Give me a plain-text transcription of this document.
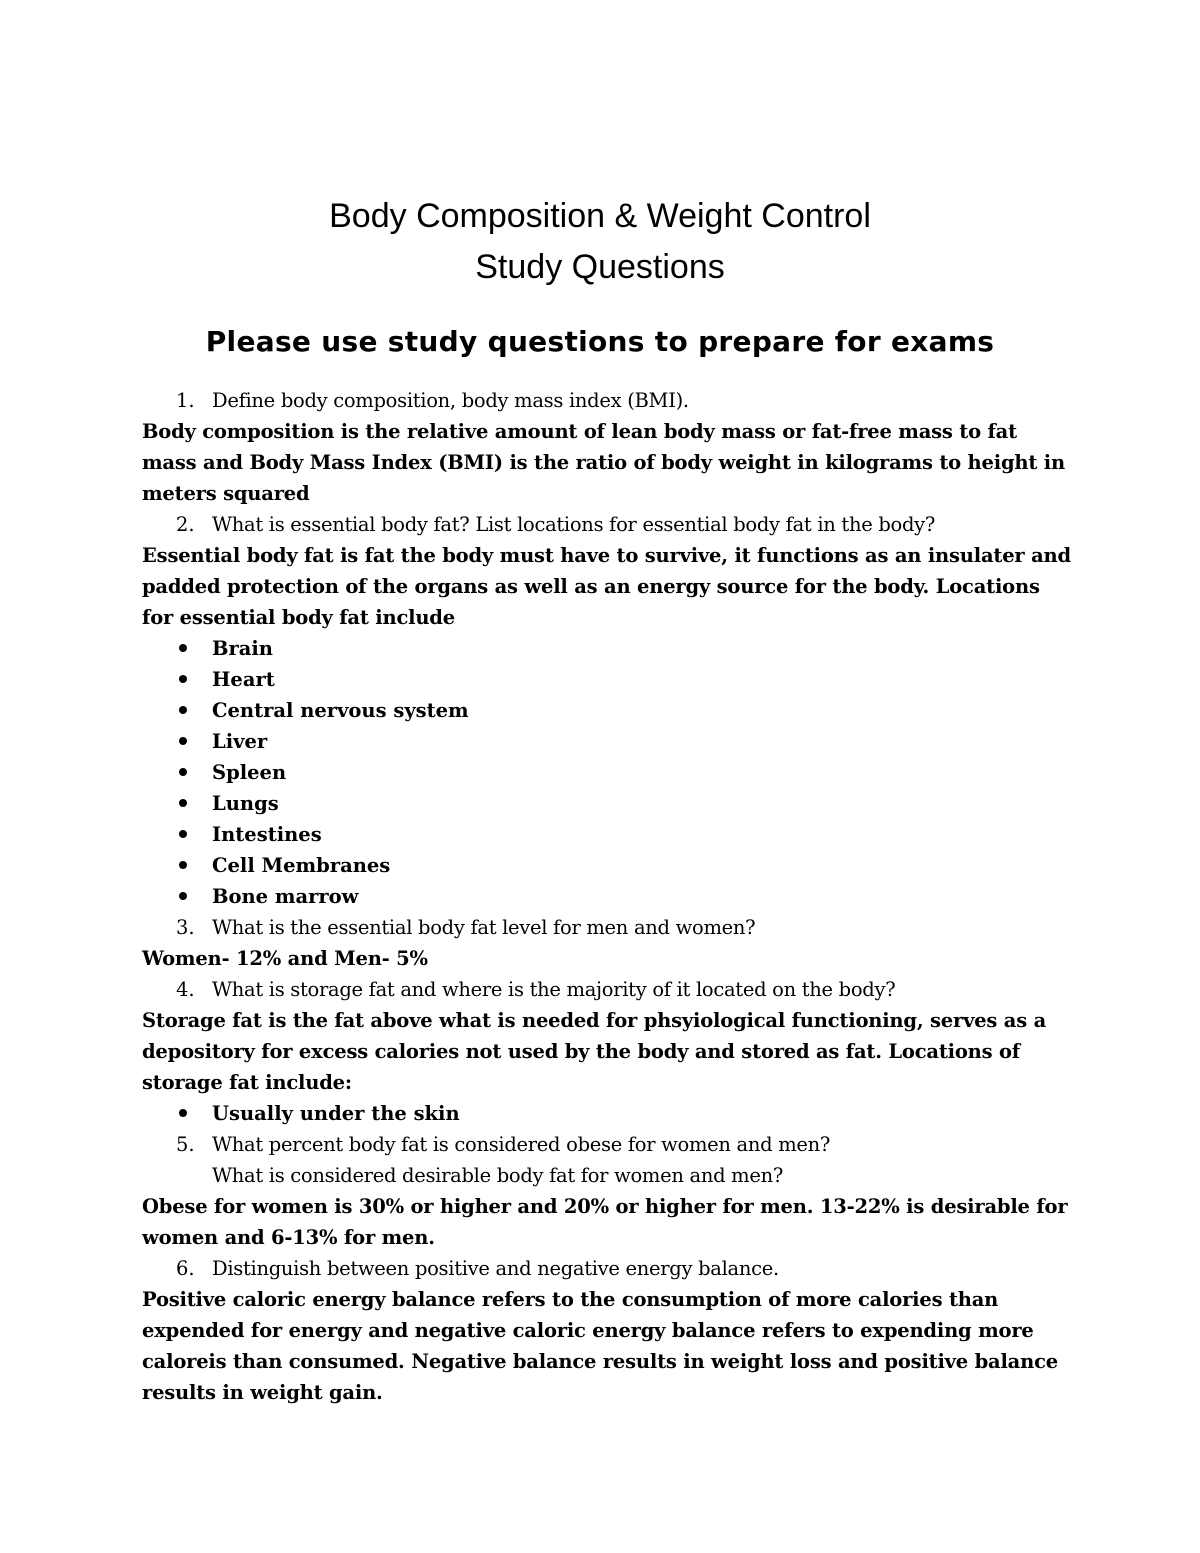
Body Composition & Weight Control
Study Questions
Please use study questions to prepare for exams
1. Define body composition, body mass index (BMI).
Body composition is the relative amount of lean body mass or fat-free mass to fat mass and Body Mass Index (BMI) is the ratio of body weight in kilograms to height in meters squared
2. What is essential body fat? List locations for essential body fat in the body?
Essential body fat is fat the body must have to survive, it functions as an insulater and padded protection of the organs as well as an energy source for the body. Locations for essential body fat include
Brain
Heart
Central nervous system
Liver
Spleen
Lungs
Intestines
Cell Membranes
Bone marrow
3. What is the essential body fat level for men and women?
Women- 12% and Men- 5%
4. What is storage fat and where is the majority of it located on the body?
Storage fat is the fat above what is needed for phsyiological functioning, serves as a depository for excess calories not used by the body and stored as fat. Locations of storage fat include:
Usually under the skin
5. What percent body fat is considered obese for women and men?
What is considered desirable body fat for women and men?
Obese for women is 30% or higher and 20% or higher for men. 13-22% is desirable for women and 6-13% for men.
6. Distinguish between positive and negative energy balance.
Positive caloric energy balance refers to the consumption of more calories than expended for energy and negative caloric energy balance refers to expending more caloreis than consumed. Negative balance results in weight loss and positive balance results in weight gain.
